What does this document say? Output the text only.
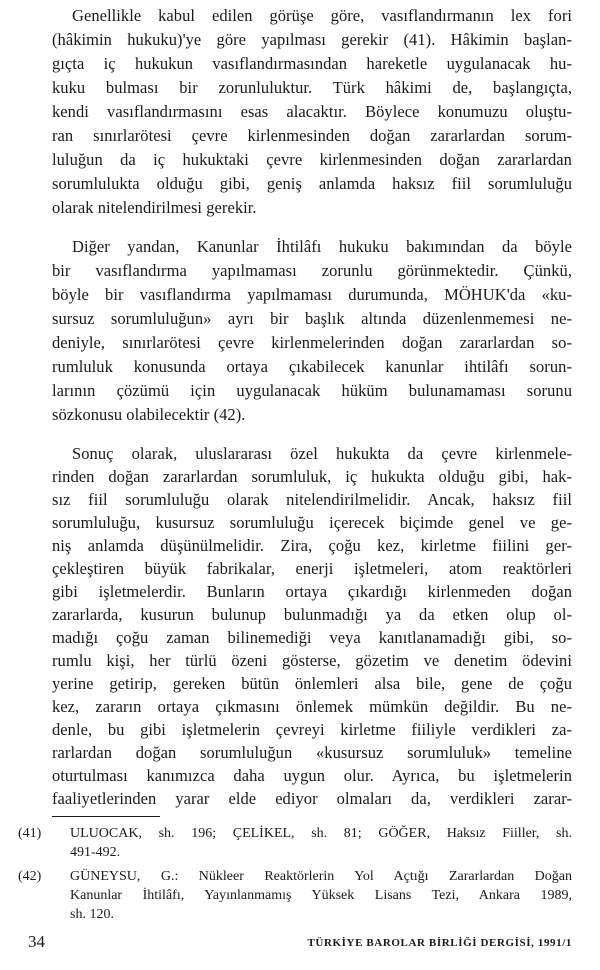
Genellikle kabul edilen görüşe göre, vasıflandırmanın lex fori
(hâkimin hukuku)'ye göre yapılması gerekir (41). Hâkimin başlan-
gıçta iç hukukun vasıflandırmasından hareketle uygulanacak hu-
kuku bulması bir zorunluluktur. Türk hâkimi de, başlangıçta,
kendi vasıflandırmasını esas alacaktır. Böylece konumuzu oluştu-
ran sınırlarötesi çevre kirlenmesinden doğan zararlardan sorum-
luluğun da iç hukuktaki çevre kirlenmesinden doğan zararlardan
sorumlulukta olduğu gibi, geniş anlamda haksız fiil sorumluluğu
olarak nitelendirilmesi gerekir.
Diğer yandan, Kanunlar İhtilâfı hukuku bakımından da böyle
bir vasıflandırma yapılmaması zorunlu görünmektedir. Çünkü,
böyle bir vasıflandırma yapılmaması durumunda, MÖHUK'da «ku-
sursuz sorumluluğun» ayrı bir başlık altında düzenlenmemesi ne-
deniyle, sınırlarötesi çevre kirlenmelerinden doğan zararlardan so-
rumluluk konusunda ortaya çıkabilecek kanunlar ihtilâfı sorun-
larının çözümü için uygulanacak hüküm bulunamaması sorunu
sözkonusu olabilecektir (42).
Sonuç olarak, uluslararası özel hukukta da çevre kirlenmele-
rinden doğan zararlardan sorumluluk, iç hukukta olduğu gibi, hak-
sız fiil sorumluluğu olarak nitelendirilmelidir. Ancak, haksız fiil
sorumluluğu, kusursuz sorumluluğu içerecek biçimde genel ve ge-
niş anlamda düşünülmelidir. Zira, çoğu kez, kirletme fiilini ger-
çekleştiren büyük fabrikalar, enerji işletmeleri, atom reaktörleri
gibi işletmelerdir. Bunların ortaya çıkardığı kirlenmeden doğan
zararlarda, kusurun bulunup bulunmadığı ya da etken olup ol-
madığı çoğu zaman bilinemediği veya kanıtlanamadığı gibi, so-
rumlu kişi, her türlü özeni gösterse, gözetim ve denetim ödevini
yerine getirip, gereken bütün önlemleri alsa bile, gene de çoğu
kez, zararın ortaya çıkmasını önlemek mümkün değildir. Bu ne-
denle, bu gibi işletmelerin çevreyi kirletme fiiliyle verdikleri za-
rarlardan doğan sorumluluğun «kusursuz sorumluluk» temeline
oturtulması kanımızca daha uygun olur. Ayrıca, bu işletmelerin
faaliyetlerinden yarar elde ediyor olmaları da, verdikleri zarar-
(41)	ULUOCAK, sh. 196; ÇELİKEL, sh. 81; GÖĞER, Haksız Fiiller, sh.
491-492.
(42)	GÜNEYSU, G.: Nükleer Reaktörlerin Yol Açtığı Zararlardan Doğan
Kanunlar İhtilâfı, Yayınlanmamış Yüksek Lisans Tezi, Ankara 1989,
sh. 120.
34	TÜRKİYE BAROLAR BİRLİĞİ DERGİSİ, 1991/1
